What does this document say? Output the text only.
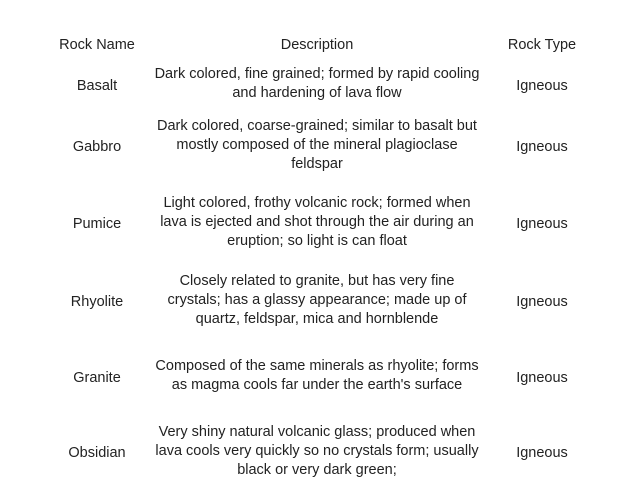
Rock Name	Description	Rock Type
Basalt	Dark colored, fine grained; formed by rapid cooling and hardening of lava flow	Igneous
Gabbro	Dark colored, coarse-grained; similar to basalt but mostly composed of the mineral plagioclase feldspar	Igneous
Pumice	Light colored, frothy volcanic rock; formed when lava is ejected and shot through the air during an eruption; so light is can float	Igneous
Rhyolite	Closely related to granite, but has very fine crystals; has a glassy appearance; made up of quartz, feldspar, mica and hornblende	Igneous
Granite	Composed of the same minerals as rhyolite; forms as magma cools far under the earth's surface	Igneous
Obsidian	Very shiny natural volcanic glass; produced when lava cools very quickly so no crystals form; usually black or very dark green;	Igneous
